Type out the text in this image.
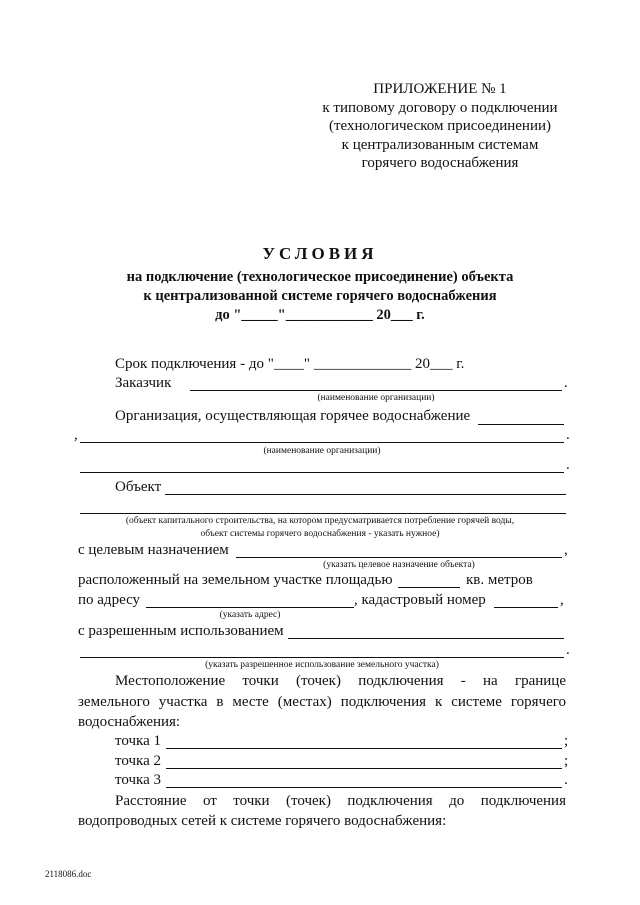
ПРИЛОЖЕНИЕ № 1
к типовому договору о подключении
(технологическом присоединении)
к централизованным системам
горячего водоснабжения
УСЛОВИЯ
на подключение (технологическое присоединение) объекта
к централизованной системе горячего водоснабжения
до "_____"____________ 20___ г.
Срок подключения - до "____" _____________ 20___ г.
Заказчик	.
(наименование организации)
Организация, осуществляющая горячее водоснабжение
,	.
(наименование организации)
.
Объект
(объект капитального строительства, на котором предусматривается потребление горячей воды,
объект системы горячего водоснабжения - указать нужное)
с целевым назначением	,
(указать целевое назначение объекта)
расположенный на земельном участке площадью	кв. метров
по адресу	, кадастровый номер	,
(указать адрес)
с разрешенным использованием
.
(указать разрешенное использование земельного участка)
Местоположение точки (точек) подключения - на границе
земельного участка в месте (местах) подключения к системе горячего
водоснабжения:
точка 1	;
точка 2	;
точка 3	.
Расстояние от точки (точек) подключения до подключения
водопроводных сетей к системе горячего водоснабжения:
2118086.doc
